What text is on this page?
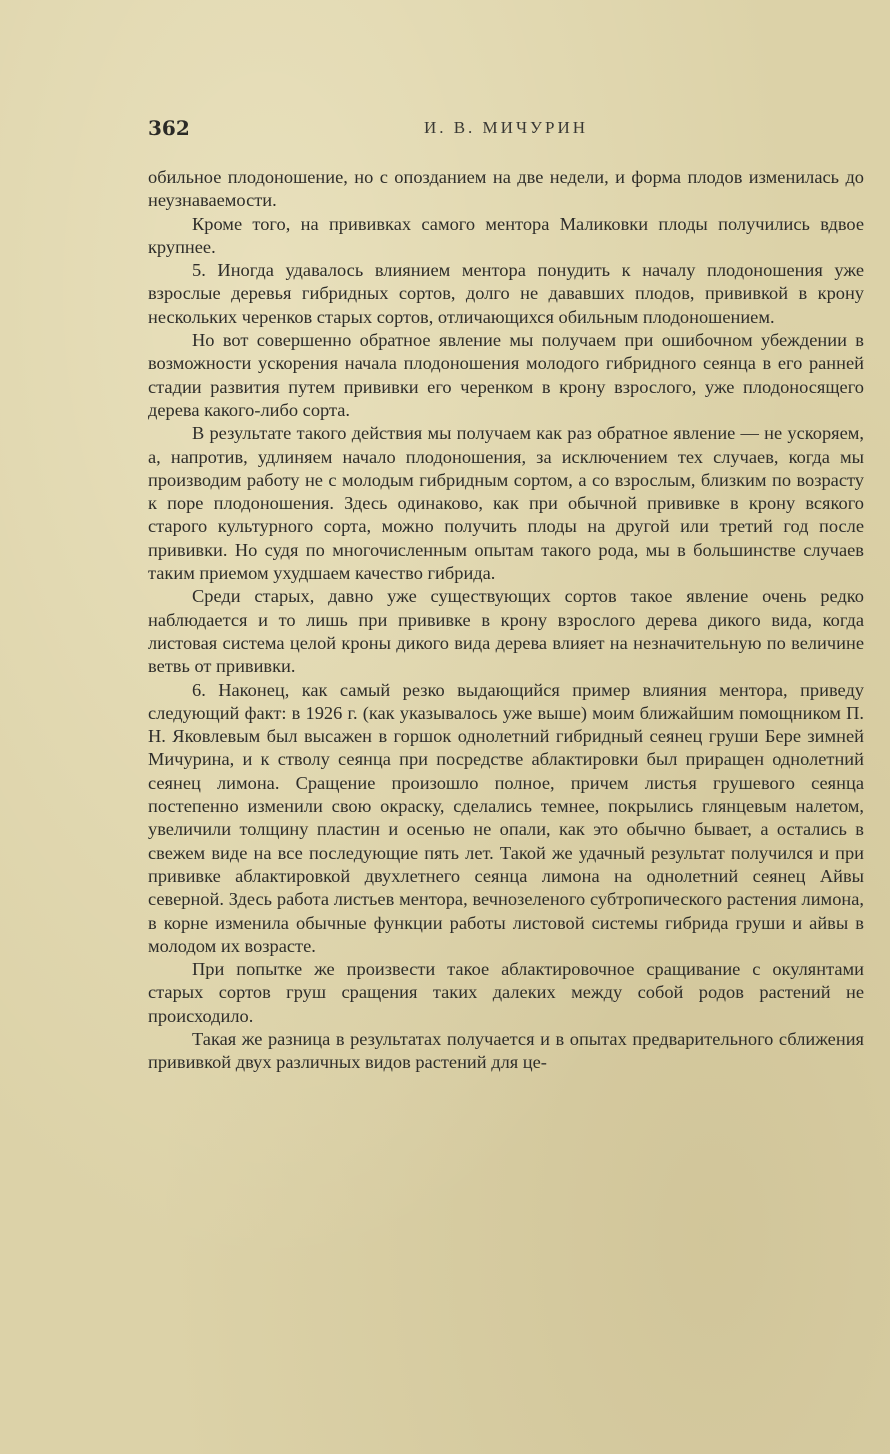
362	И. В. МИЧУРИН

обильное плодоношение, но с опозданием на две недели, и форма плодов изменилась до неузнаваемости.

Кроме того, на прививках самого ментора Маликовки плоды получились вдвое крупнее.

5. Иногда удавалось влиянием ментора понудить к началу плодоношения уже взрослые деревья гибридных сортов, долго не дававших плодов, прививкой в крону нескольких черенков старых сортов, отличающихся обильным плодоношением.

Но вот совершенно обратное явление мы получаем при ошибочном убеждении в возможности ускорения начала плодоношения молодого гибридного сеянца в его ранней стадии развития путем прививки его черенком в крону взрослого, уже плодоносящего дерева какого-либо сорта.

В результате такого действия мы получаем как раз обратное явление — не ускоряем, а, напротив, удлиняем начало плодоношения, за исключением тех случаев, когда мы производим работу не с молодым гибридным сортом, а со взрослым, близким по возрасту к поре плодоношения. Здесь одинаково, как при обычной прививке в крону всякого старого культурного сорта, можно получить плоды на другой или третий год после прививки. Но судя по многочисленным опытам такого рода, мы в большинстве случаев таким приемом ухудшаем качество гибрида.

Среди старых, давно уже существующих сортов такое явление очень редко наблюдается и то лишь при прививке в крону взрослого дерева дикого вида, когда листовая система целой кроны дикого вида дерева влияет на незначительную по величине ветвь от прививки.

6. Наконец, как самый резко выдающийся пример влияния ментора, приведу следующий факт: в 1926 г. (как указывалось уже выше) моим ближайшим помощником П. Н. Яковлевым был высажен в горшок однолетний гибридный сеянец груши Бере зимней Мичурина, и к стволу сеянца при посредстве аблактировки был приращен однолетний сеянец лимона. Сращение произошло полное, причем листья грушевого сеянца постепенно изменили свою окраску, сделались темнее, покрылись глянцевым налетом, увеличили толщину пластин и осенью не опали, как это обычно бывает, а остались в свежем виде на все последующие пять лет. Такой же удачный результат получился и при прививке аблактировкой двухлетнего сеянца лимона на однолетний сеянец Айвы северной. Здесь работа листьев ментора, вечнозеленого субтропического растения лимона, в корне изменила обычные функции работы листовой системы гибрида груши и айвы в молодом их возрасте.

При попытке же произвести такое аблактировочное сращивание с окулянтами старых сортов груш сращения таких далеких между собой родов растений не происходило.

Такая же разница в результатах получается и в опытах предварительного сближения прививкой двух различных видов растений для це-
